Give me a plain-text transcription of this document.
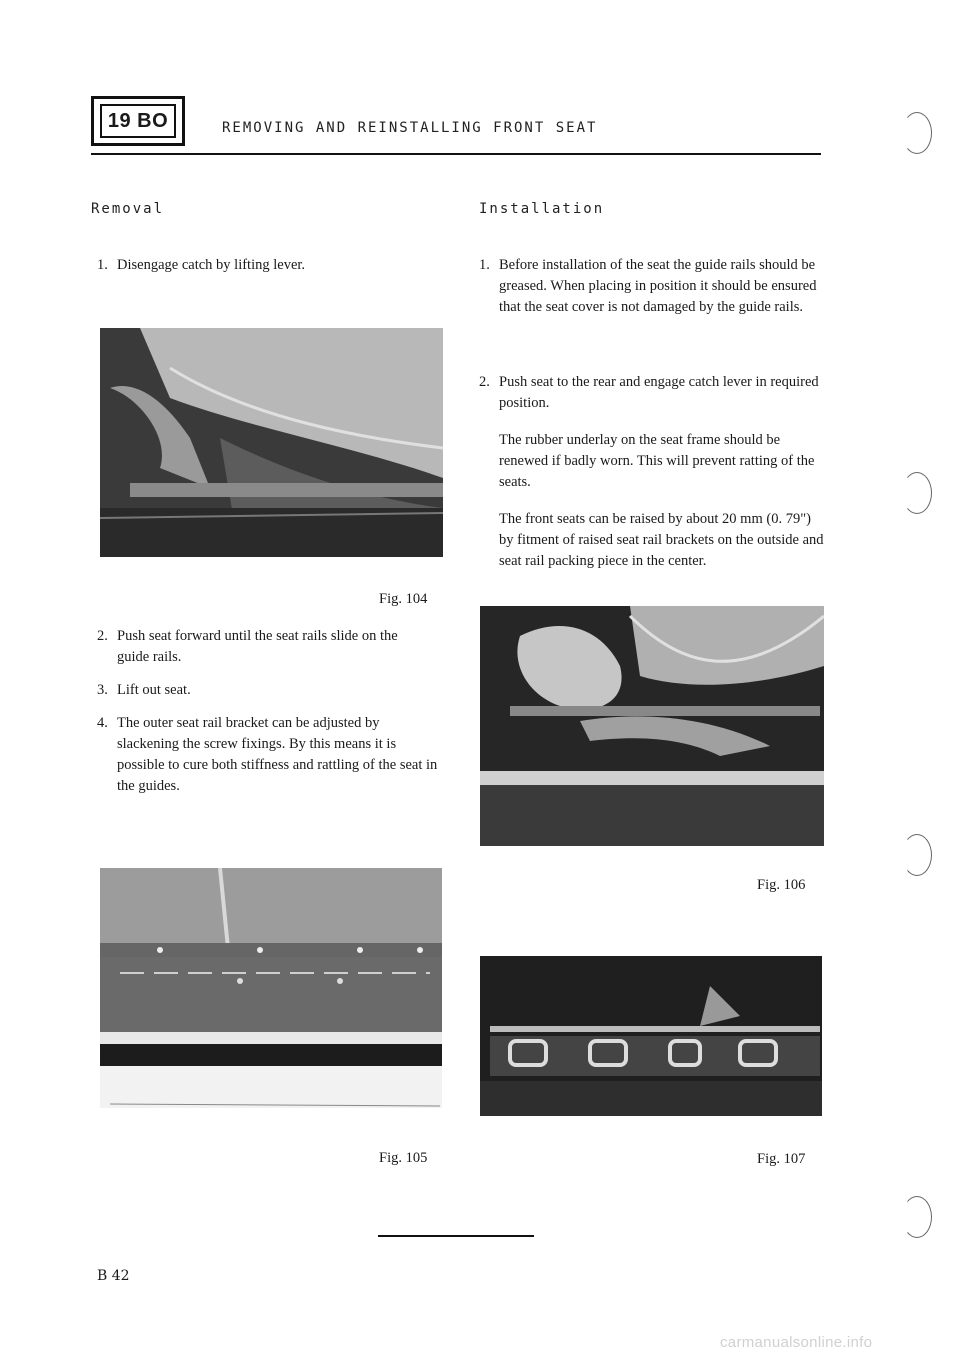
19 BO	REMOVING AND REINSTALLING FRONT SEAT
Removal
1. Disengage catch by lifting lever.
Fig. 104
2. Push seat forward until the seat rails slide on the guide rails.
3. Lift out seat.
4. The outer seat rail bracket can be adjusted by slackening the screw fixings. By this means it is possible to cure both stiffness and rattling of the seat in the guides.
Fig. 105
Installation
1. Before installation of the seat the guide rails should be greased. When placing in position it should be ensured that the seat cover is not damaged by the guide rails.
2. Push seat to the rear and engage catch lever in required position.
The rubber underlay on the seat frame should be renewed if badly worn. This will prevent ratting of the seats.
The front seats can be raised by about 20 mm (0. 79") by fitment of raised seat rail brackets on the outside and seat rail packing piece in the center.
Fig. 106
Fig. 107
B 42
carmanualsonline.info
